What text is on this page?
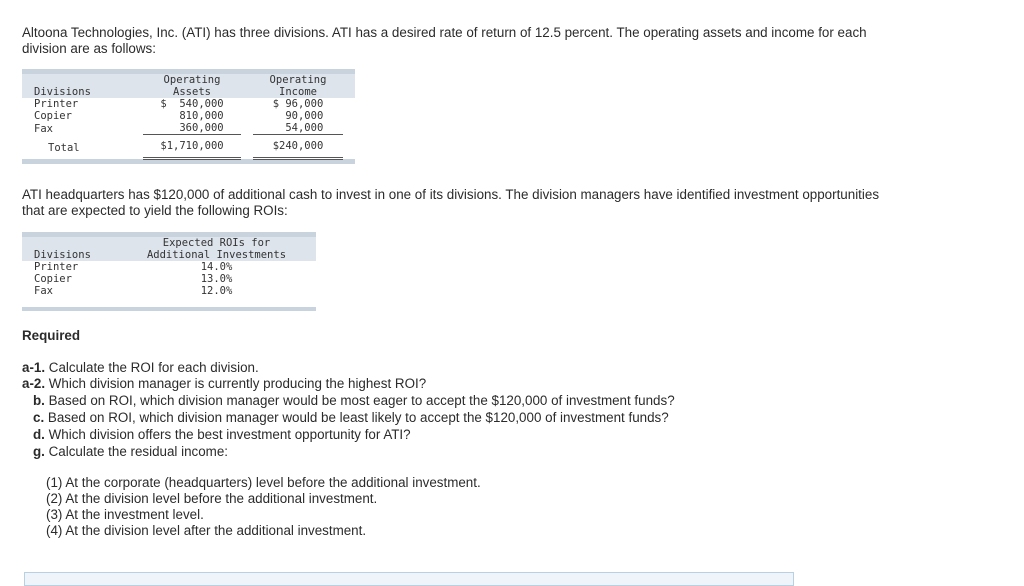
Altoona Technologies, Inc. (ATI) has three divisions. ATI has a desired rate of return of 12.5 percent. The operating assets and income for each division are as follows:

	Operating		Operating	
Divisions	Assets		Income	
Printer	$  540,000		$ 96,000	
Copier	810,000		90,000	
Fax	360,000		54,000	
Total	$1,710,000		$240,000	

ATI headquarters has $120,000 of additional cash to invest in one of its divisions. The division managers have identified investment opportunities that are expected to yield the following ROIs:

	Expected ROIs for	
Divisions	Additional Investments	
Printer	14.0%	
Copier	13.0%	
Fax	12.0%	

Required
a-1. Calculate the ROI for each division.
a-2. Which division manager is currently producing the highest ROI?
b. Based on ROI, which division manager would be most eager to accept the $120,000 of investment funds?
c. Based on ROI, which division manager would be least likely to accept the $120,000 of investment funds?
d. Which division offers the best investment opportunity for ATI?
g. Calculate the residual income:
(1) At the corporate (headquarters) level before the additional investment.
(2) At the division level before the additional investment.
(3) At the investment level.
(4) At the division level after the additional investment.
